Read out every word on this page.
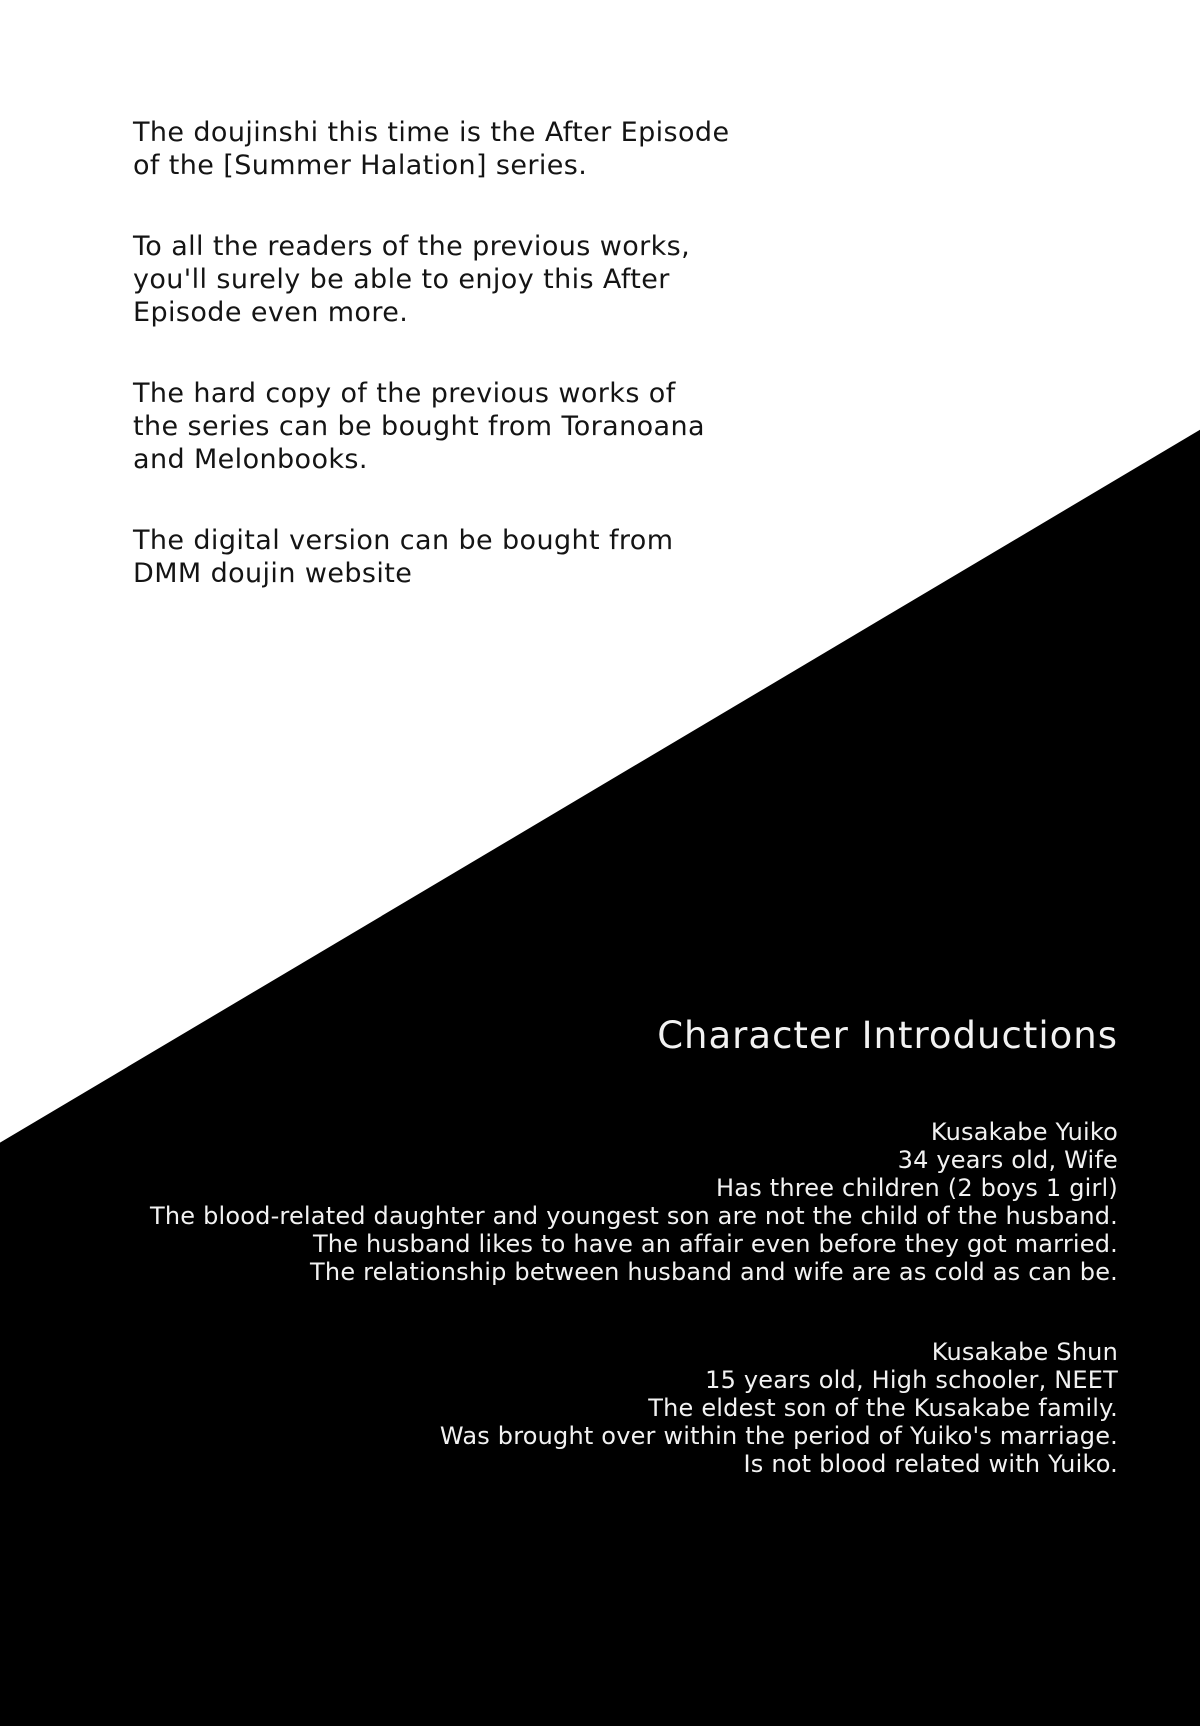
The doujinshi this time is the After Episode
of the [Summer Halation] series.
To all the readers of the previous works,
you'll surely be able to enjoy this After
Episode even more.
The hard copy of the previous works of
the series can be bought from Toranoana
and Melonbooks.
The digital version can be bought from
DMM doujin website
Character Introductions
Kusakabe Yuiko
34 years old, Wife
Has three children (2 boys 1 girl)
The blood-related daughter and youngest son are not the child of the husband.
The husband likes to have an affair even before they got married.
The relationship between husband and wife are as cold as can be.
Kusakabe Shun
15 years old, High schooler, NEET
The eldest son of the Kusakabe family.
Was brought over within the period of Yuiko's marriage.
Is not blood related with Yuiko.
